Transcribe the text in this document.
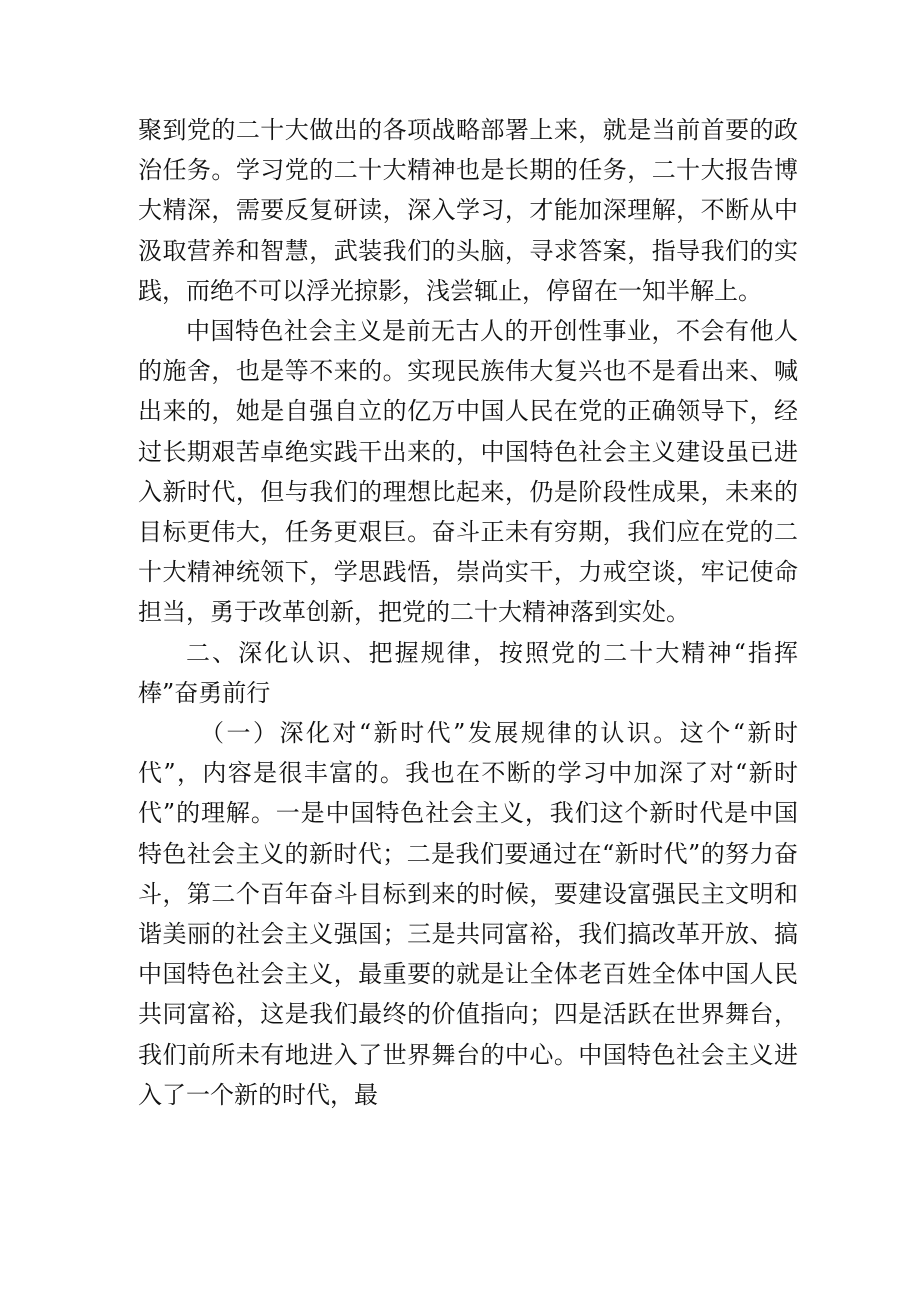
聚到党的二十大做出的各项战略部署上来，就是当前首要的政治任务。学习党的二十大精神也是长期的任务，二十大报告博大精深，需要反复研读，深入学习，才能加深理解，不断从中汲取营养和智慧，武装我们的头脑，寻求答案，指导我们的实践，而绝不可以浮光掠影，浅尝辄止，停留在一知半解上。

中国特色社会主义是前无古人的开创性事业，不会有他人的施舍，也是等不来的。实现民族伟大复兴也不是看出来、喊出来的，她是自强自立的亿万中国人民在党的正确领导下，经过长期艰苦卓绝实践干出来的，中国特色社会主义建设虽已进入新时代，但与我们的理想比起来，仍是阶段性成果，未来的目标更伟大，任务更艰巨。奋斗正未有穷期，我们应在党的二十大精神统领下，学思践悟，崇尚实干，力戒空谈，牢记使命担当，勇于改革创新，把党的二十大精神落到实处。

二、深化认识、把握规律，按照党的二十大精神“指挥棒”奋勇前行

（一）深化对“新时代”发展规律的认识。这个“新时代”，内容是很丰富的。我也在不断的学习中加深了对“新时代”的理解。一是中国特色社会主义，我们这个新时代是中国特色社会主义的新时代；二是我们要通过在“新时代”的努力奋斗，第二个百年奋斗目标到来的时候，要建设富强民主文明和谐美丽的社会主义强国；三是共同富裕，我们搞改革开放、搞中国特色社会主义，最重要的就是让全体老百姓全体中国人民共同富裕，这是我们最终的价值指向；四是活跃在世界舞台，我们前所未有地进入了世界舞台的中心。中国特色社会主义进入了一个新的时代，最
